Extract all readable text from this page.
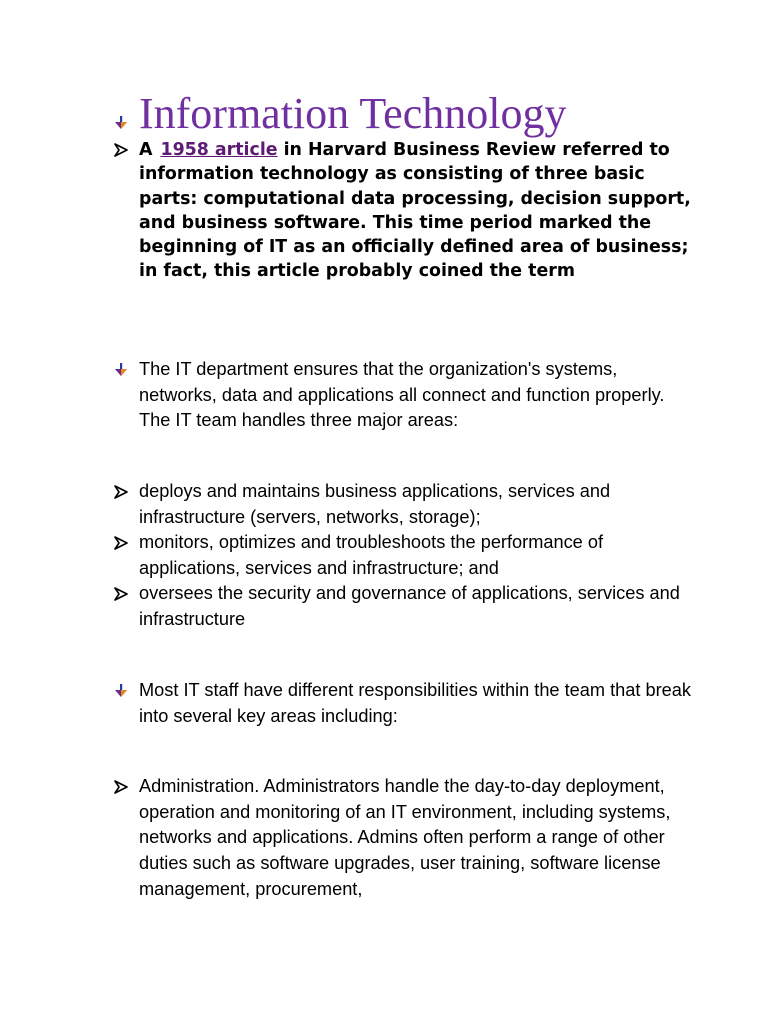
Information Technology
A 1958 article in Harvard Business Review referred to information technology as consisting of three basic parts: computational data processing, decision support, and business software. This time period marked the beginning of IT as an officially defined area of business; in fact, this article probably coined the term
The IT department ensures that the organization's systems, networks, data and applications all connect and function properly. The IT team handles three major areas:
deploys and maintains business applications, services and infrastructure (servers, networks, storage);
monitors, optimizes and troubleshoots the performance of applications, services and infrastructure; and
oversees the security and governance of applications, services and infrastructure
Most IT staff have different responsibilities within the team that break into several key areas including:
Administration. Administrators handle the day-to-day deployment, operation and monitoring of an IT environment, including systems, networks and applications. Admins often perform a range of other duties such as software upgrades, user training, software license management, procurement,
